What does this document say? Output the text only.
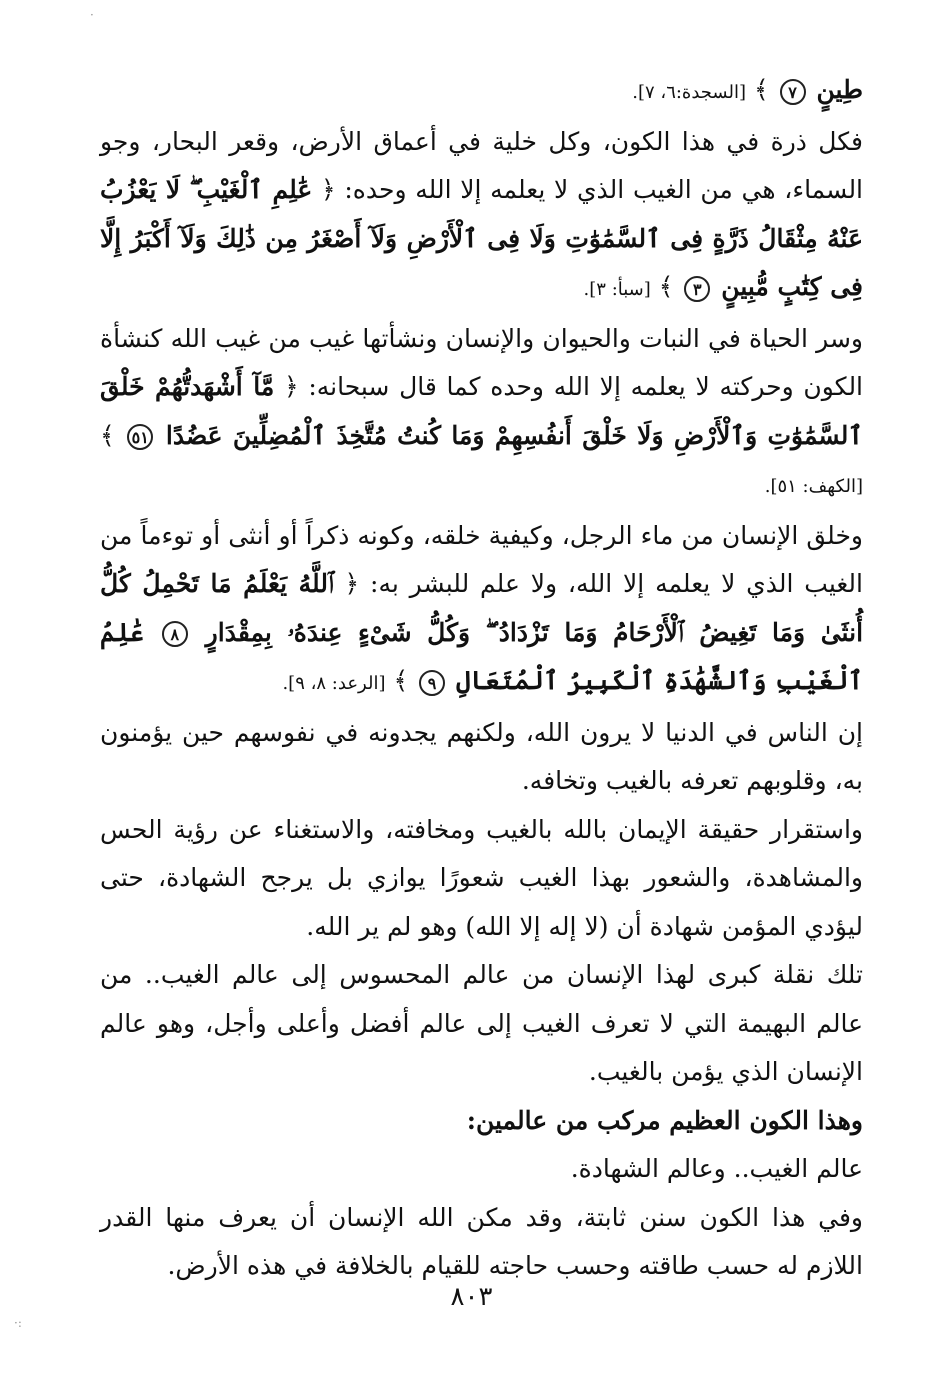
·

طِينٍ ٧ ﴾ [السجدة:٦، ٧].

فكل ذرة في هذا الكون، وكل خلية في أعماق الأرض، وقعر البحار، وجو السماء، هي من الغيب الذي لا يعلمه إلا الله وحده: ﴿ عَٰلِمِ ٱلْغَيْبِ ۖ لَا يَعْزُبُ عَنْهُ مِثْقَالُ ذَرَّةٍ فِى ٱلسَّمَٰوَٰتِ وَلَا فِى ٱلْأَرْضِ وَلَآ أَصْغَرُ مِن ذَٰلِكَ وَلَآ أَكْبَرُ إِلَّا فِى كِتَٰبٍ مُّبِينٍ ٣ ﴾ [سبأ: ٣].

وسر الحياة في النبات والحيوان والإنسان ونشأتها غيب من غيب الله كنشأة الكون وحركته لا يعلمه إلا الله وحده كما قال سبحانه: ﴿ مَّآ أَشْهَدتُّهُمْ خَلْقَ ٱلسَّمَٰوَٰتِ وَٱلْأَرْضِ وَلَا خَلْقَ أَنفُسِهِمْ وَمَا كُنتُ مُتَّخِذَ ٱلْمُضِلِّينَ عَضُدًا ٥١ ﴾ [الكهف: ٥١].

وخلق الإنسان من ماء الرجل، وكيفية خلقه، وكونه ذكراً أو أنثى أو توءماً من الغيب الذي لا يعلمه إلا الله، ولا علم للبشر به: ﴿ ٱللَّهُ يَعْلَمُ مَا تَحْمِلُ كُلُّ أُنثَىٰ وَمَا تَغِيضُ ٱلْأَرْحَامُ وَمَا تَزْدَادُ ۖ وَكُلُّ شَىْءٍ عِندَهُۥ بِمِقْدَارٍ ٨ عَٰلِمُ ٱلْغَيْبِ وَٱلشَّهَٰدَةِ ٱلْكَبِيرُ ٱلْمُتَعَالِ ٩ ﴾ [الرعد: ٨، ٩].

إن الناس في الدنيا لا يرون الله، ولكنهم يجدونه في نفوسهم حين يؤمنون به، وقلوبهم تعرفه بالغيب وتخافه.

واستقرار حقيقة الإيمان بالله بالغيب ومخافته، والاستغناء عن رؤية الحس والمشاهدة، والشعور بهذا الغيب شعورًا يوازي بل يرجح الشهادة، حتى ليؤدي المؤمن شهادة أن (لا إله إلا الله) وهو لم ير الله.

تلك نقلة كبرى لهذا الإنسان من عالم المحسوس إلى عالم الغيب.. من عالم البهيمة التي لا تعرف الغيب إلى عالم أفضل وأعلى وأجل، وهو عالم الإنسان الذي يؤمن بالغيب.

وهذا الكون العظيم مركب من عالمين:

عالم الغيب.. وعالم الشهادة.

وفي هذا الكون سنن ثابتة، وقد مكن الله الإنسان أن يعرف منها القدر اللازم له حسب طاقته وحسب حاجته للقيام بالخلافة في هذه الأرض.

٨٠٣
·:
